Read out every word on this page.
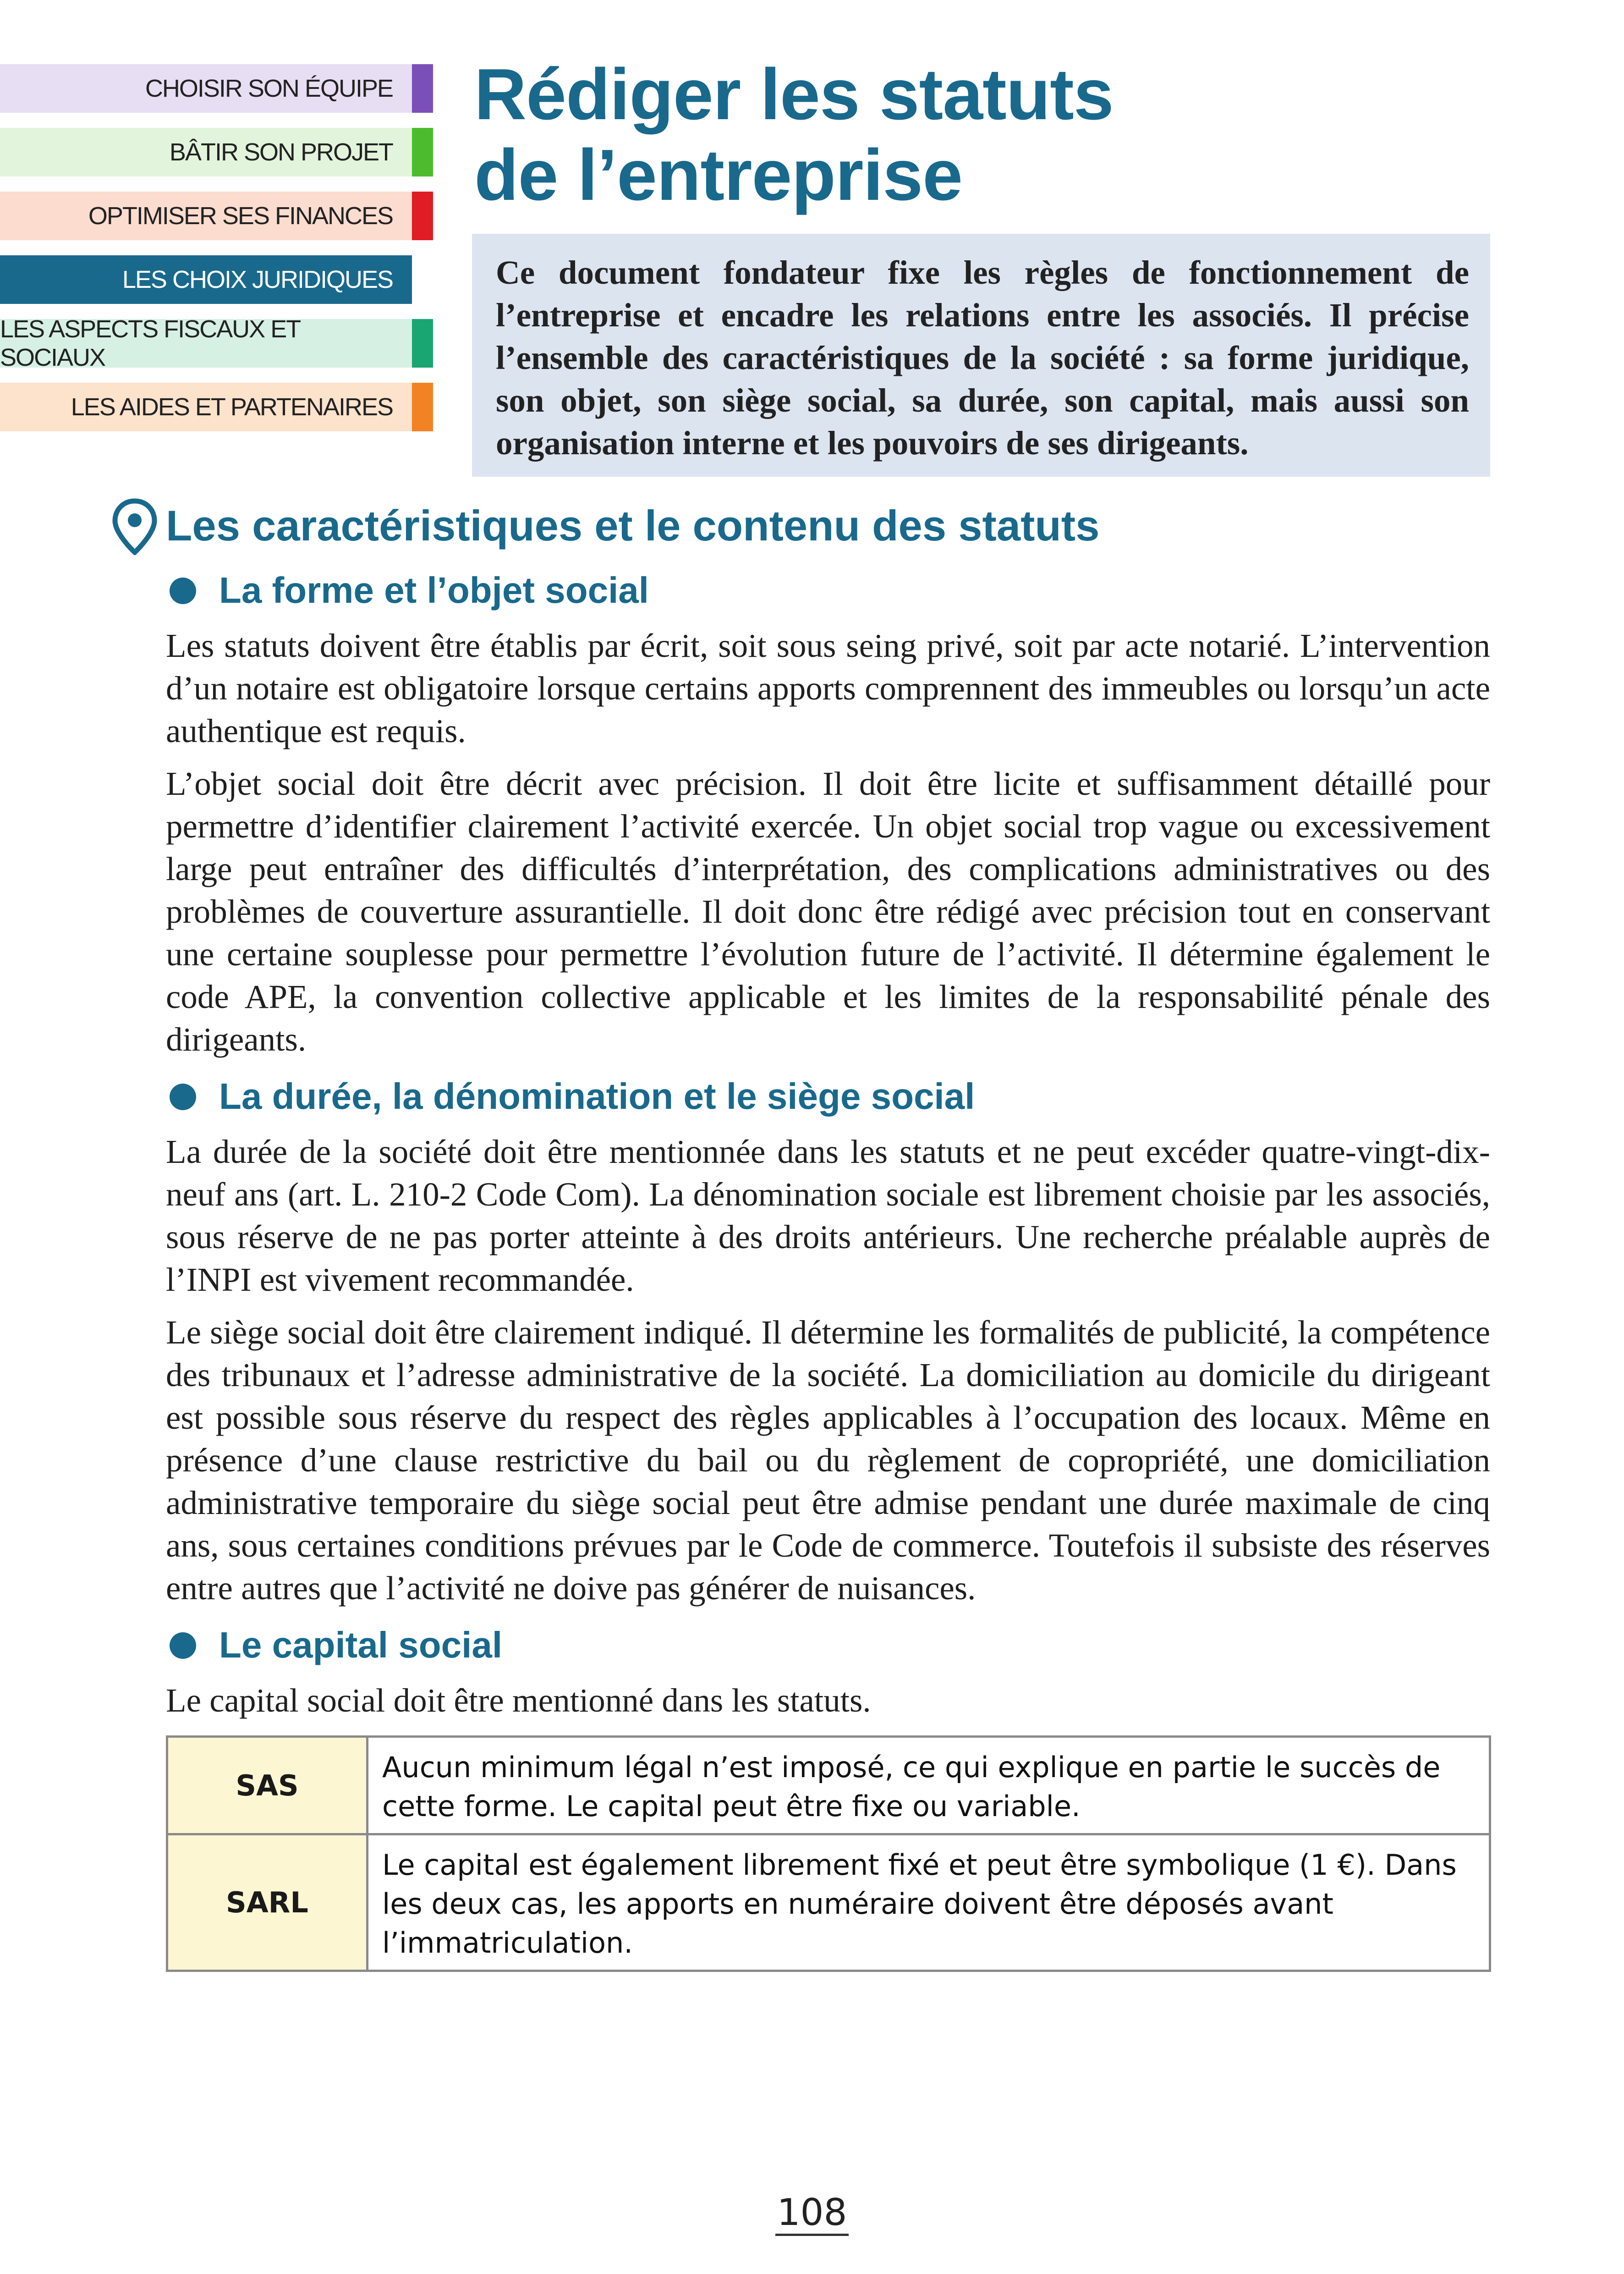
CHOISIR SON ÉQUIPE
BÂTIR SON PROJET
OPTIMISER SES FINANCES
LES CHOIX JURIDIQUES
LES ASPECTS FISCAUX ET SOCIAUX
LES AIDES ET PARTENAIRES
Rédiger les statuts
de l’entreprise
Ce document fondateur fixe les règles de fonctionnement de l’entreprise et encadre les relations entre les associés. Il précise l’ensemble des caractéristiques de la société : sa forme juridique, son objet, son siège social, sa durée, son capital, mais aussi son organisation interne et les pouvoirs de ses dirigeants.
Les caractéristiques et le contenu des statuts
La forme et l’objet social

Les statuts doivent être établis par écrit, soit sous seing privé, soit par acte notarié. L’intervention d’un notaire est obligatoire lorsque certains apports comprennent des immeubles ou lorsqu’un acte authentique est requis.

L’objet social doit être décrit avec précision. Il doit être licite et suffisamment détaillé pour permettre d’identifier clairement l’activité exercée. Un objet social trop vague ou excessivement large peut entraîner des difficultés d’interprétation, des complications administratives ou des problèmes de couverture assurantielle. Il doit donc être rédigé avec précision tout en conservant une certaine souplesse pour permettre l’évolution future de l’activité. Il détermine également le code APE, la convention collective applicable et les limites de la responsabilité pénale des dirigeants.

La durée, la dénomination et le siège social

La durée de la société doit être mentionnée dans les statuts et ne peut excéder quatre-vingt-dix-neuf ans (art. L. 210-2 Code Com). La dénomination sociale est librement choisie par les associés, sous réserve de ne pas porter atteinte à des droits antérieurs. Une recherche préalable auprès de l’INPI est vivement recommandée.

Le siège social doit être clairement indiqué. Il détermine les formalités de publicité, la compétence des tribunaux et l’adresse administrative de la société. La domiciliation au domicile du dirigeant est possible sous réserve du respect des règles applicables à l’occupation des locaux. Même en présence d’une clause restrictive du bail ou du règlement de copropriété, une domiciliation administrative temporaire du siège social peut être admise pendant une durée maximale de cinq ans, sous certaines conditions prévues par le Code de commerce. Toutefois il subsiste des réserves entre autres que l’activité ne doive pas générer de nuisances.

Le capital social

Le capital social doit être mentionné dans les statuts.

SAS	Aucun minimum légal n’est imposé, ce qui explique en partie le succès de cette forme. Le capital peut être fixe ou variable.
SARL	Le capital est également librement fixé et peut être symbolique (1 €). Dans les deux cas, les apports en numéraire doivent être déposés avant l’immatriculation.
108
